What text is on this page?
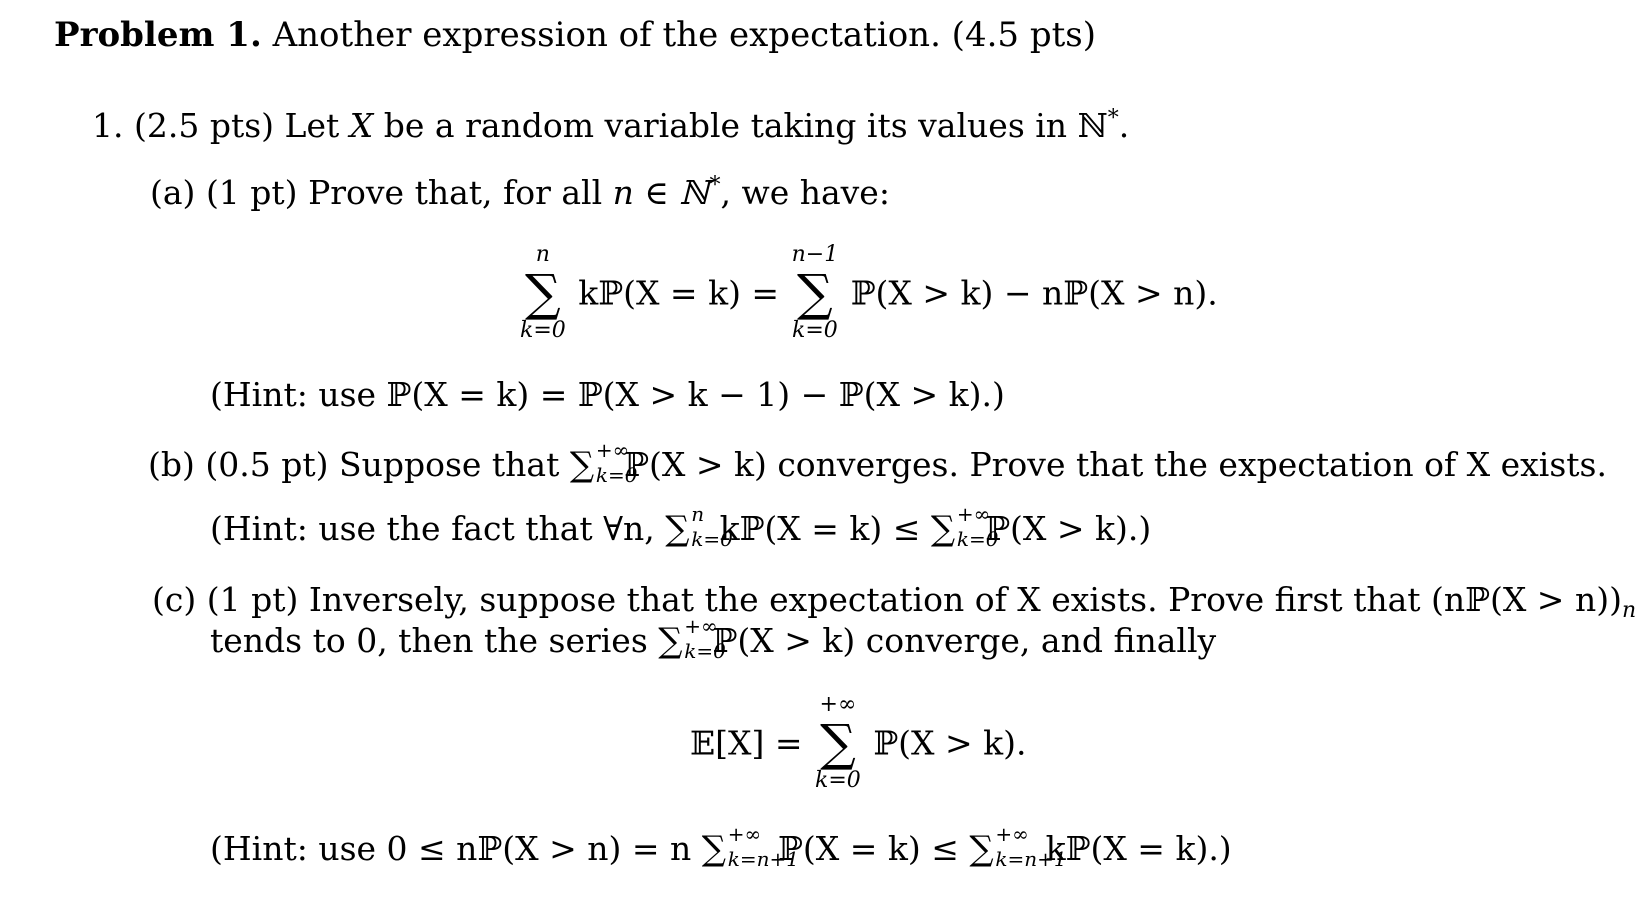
Problem 1. Another expression of the expectation. (4.5 pts)
1. (2.5 pts) Let X be a random variable taking its values in ℕ*.
(a) (1 pt) Prove that, for all n ∈ ℕ*, we have:
n
∑
k=0
kℙ(X = k) =
n−1
∑
k=0
ℙ(X > k) − nℙ(X > n).
(Hint: use ℙ(X = k) = ℙ(X > k − 1) − ℙ(X > k).)
(b) (0.5 pt) Suppose that ∑ +∞
k=0
ℙ(X > k) converges. Prove that the expectation of X exists.
(Hint: use the fact that ∀n, ∑ n
k=0
kℙ(X = k) ≤ ∑ +∞
k=0
ℙ(X > k).)
(c) (1 pt) Inversely, suppose that the expectation of X exists. Prove first that (nℙ(X > n))n
tends to 0, then the series ∑ +∞
k=0
ℙ(X > k) converge, and finally
𝔼[X] =
+∞
∑
k=0
ℙ(X > k).
(Hint: use 0 ≤ nℙ(X > n) = n ∑ +∞
k=n+1
ℙ(X = k) ≤ ∑ +∞
k=n+1
kℙ(X = k).)
